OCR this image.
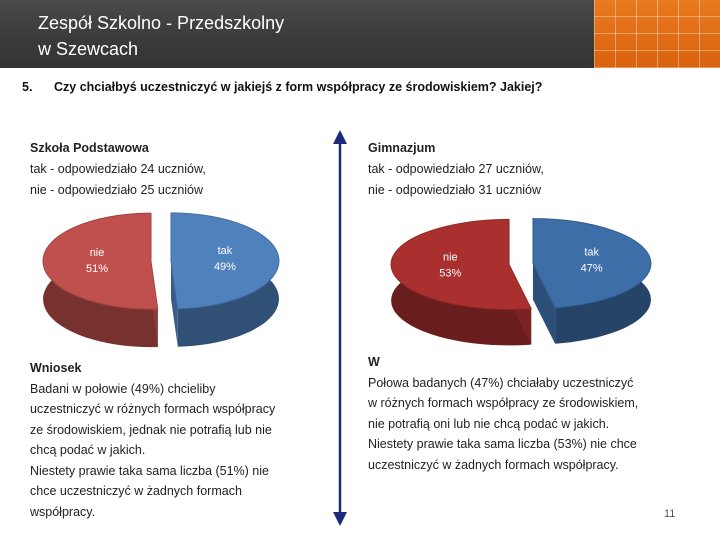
Zespół Szkolno - Przedszkolny
w Szewcach
5. Czy chciałbyś uczestniczyć w jakiejś z form współpracy ze środowiskiem? Jakiej?
Szkoła Podstawowa
tak - odpowiedziało 24 uczniów,
nie - odpowiedziało 25 uczniów
Gimnazjum
tak - odpowiedziało 27 uczniów,
nie - odpowiedziało 31 uczniów
nie
51%
tak
49%
nie
53%
tak
47%
Wniosek
Badani w połowie (49%) chcieliby
uczestniczyć w różnych formach współpracy
ze środowiskiem, jednak nie potrafią lub nie
chcą podać w jakich.
Niestety prawie taka sama liczba (51%) nie
chce uczestniczyć w żadnych formach
współpracy.
W
Połowa badanych (47%) chciałaby uczestniczyć
w różnych formach współpracy ze środowiskiem,
nie potrafią oni lub nie chcą podać w jakich.
Niestety prawie taka sama liczba (53%) nie chce
uczestniczyć w żadnych formach współpracy.
11
